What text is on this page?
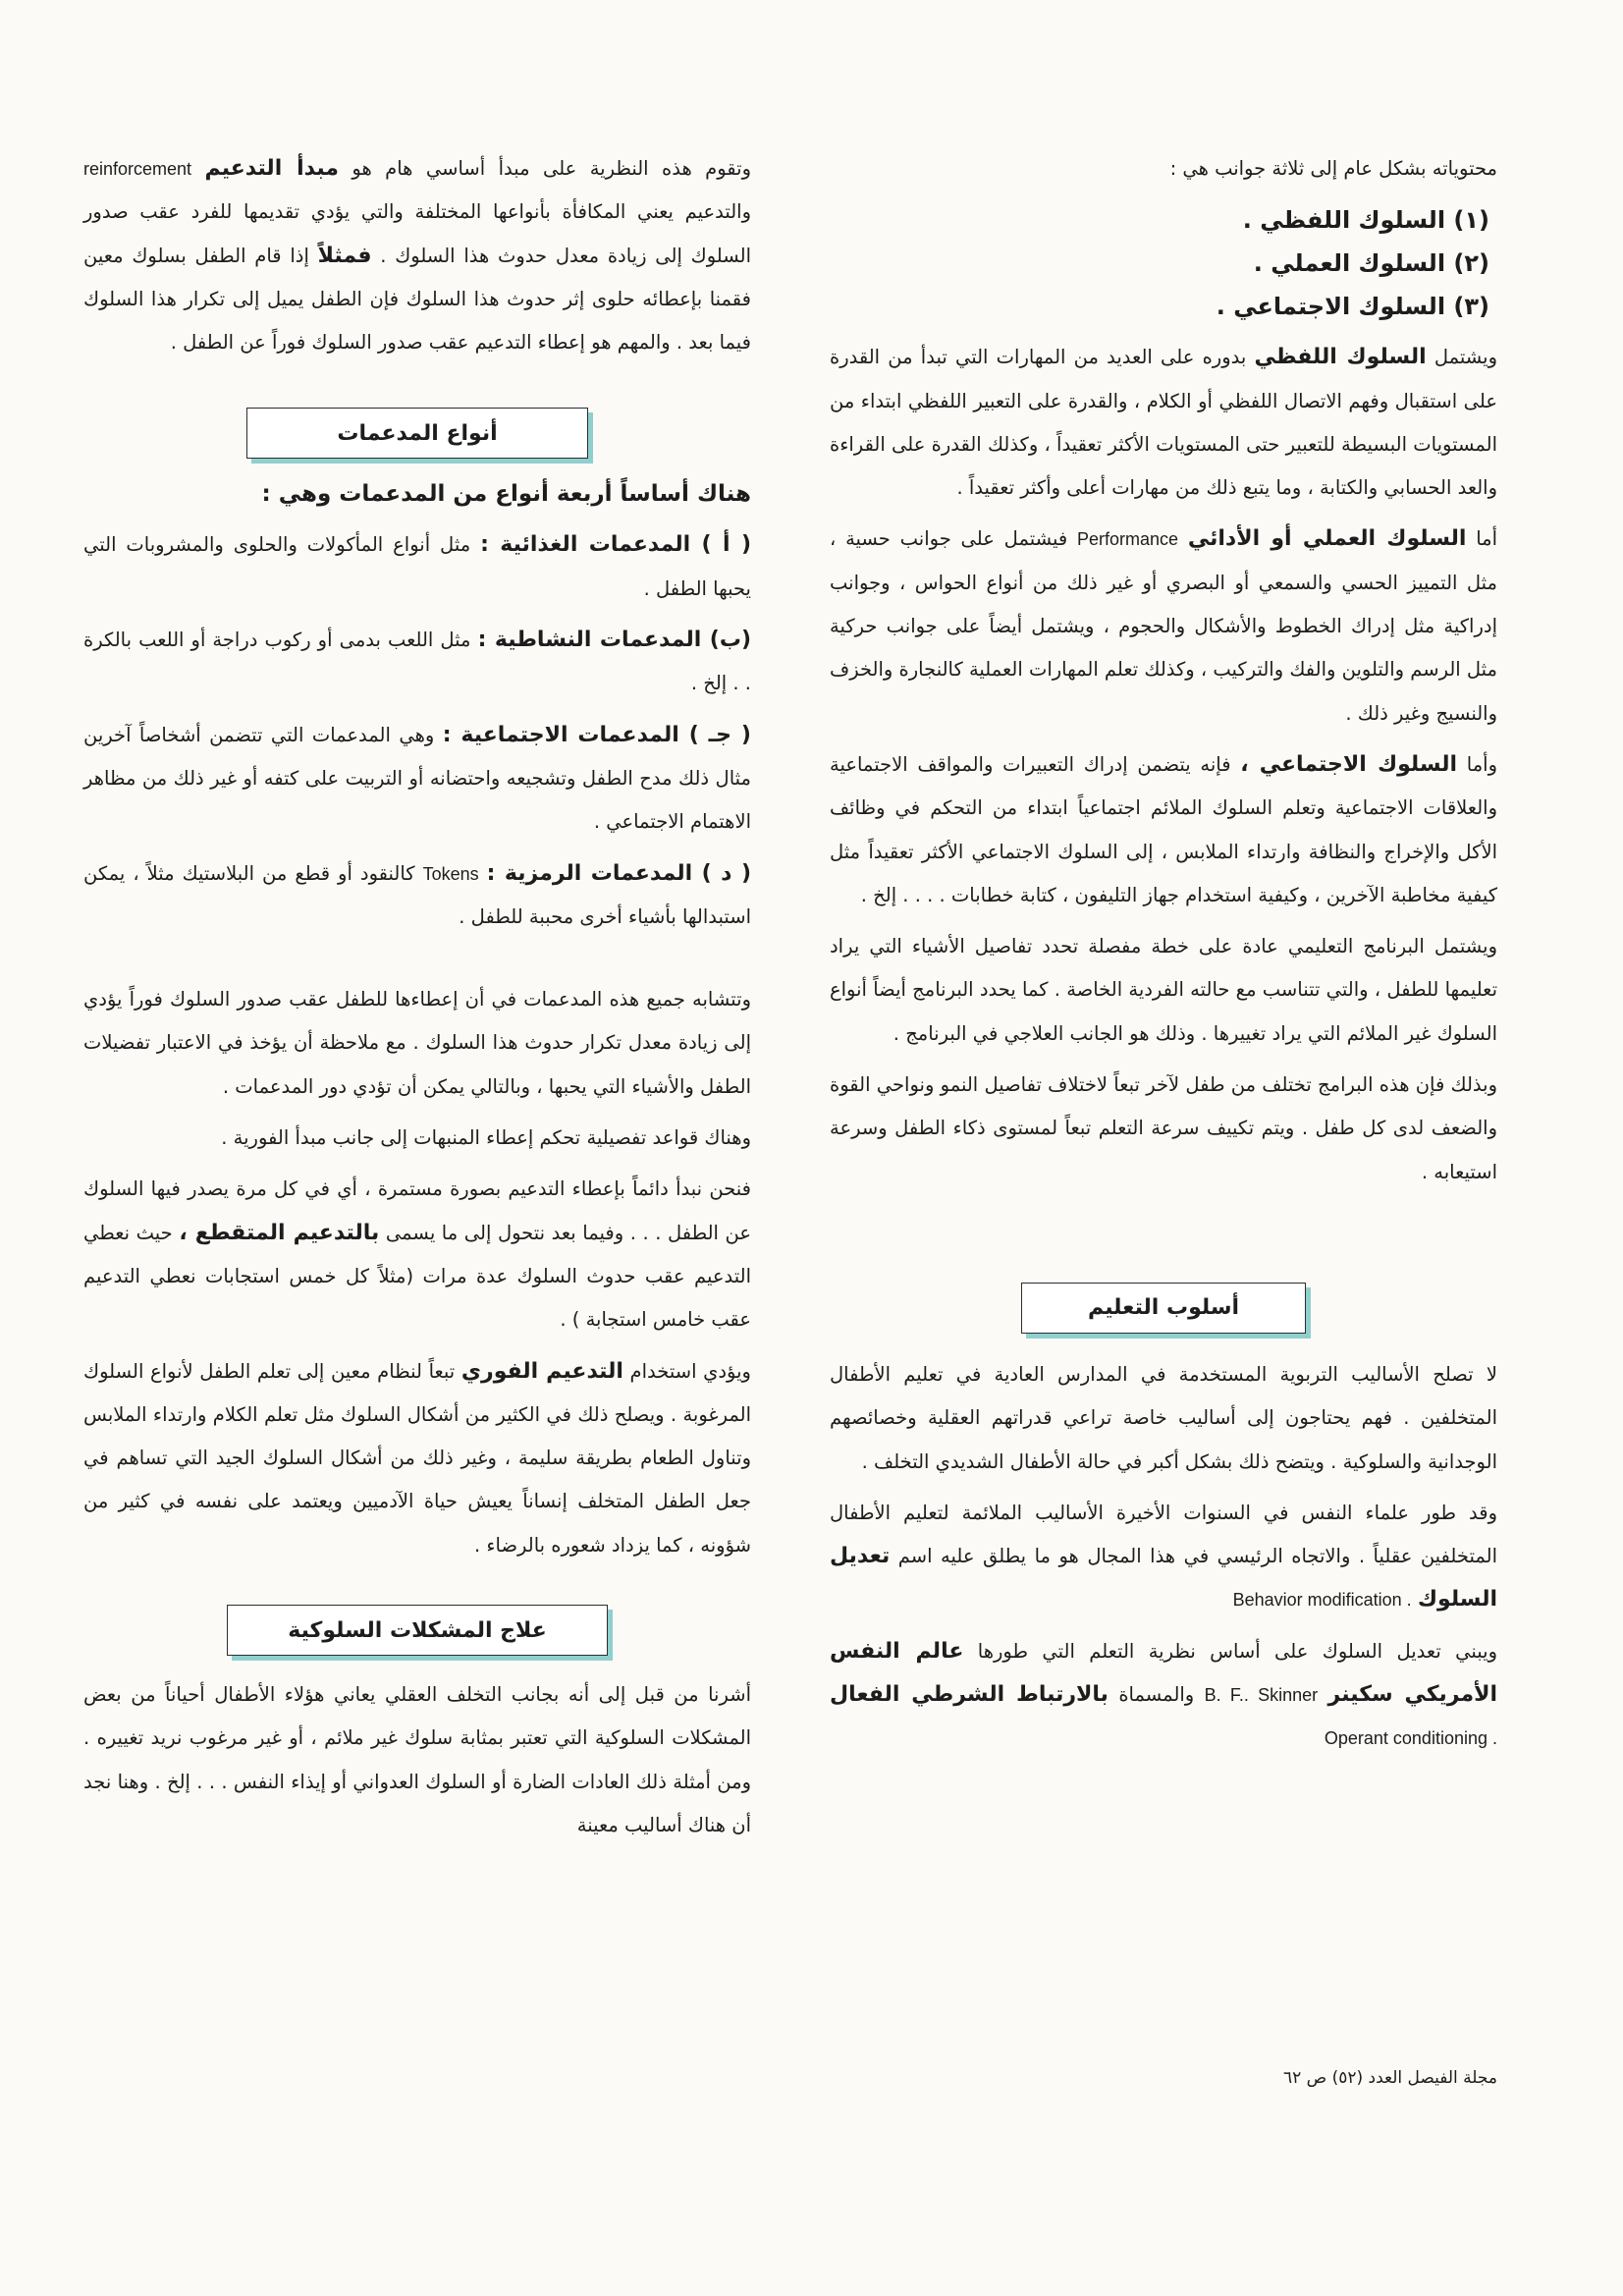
محتوياته بشكل عام إلى ثلاثة جوانب هي :

(١) السلوك اللفظي .
(٢) السلوك العملي .
(٣) السلوك الاجتماعي .

ويشتمل السلوك اللفظي بدوره على العديد من المهارات التي تبدأ من القدرة على استقبال وفهم الاتصال اللفظي أو الكلام ، والقدرة على التعبير اللفظي ابتداء من المستويات البسيطة للتعبير حتى المستويات الأكثر تعقيداً ، وكذلك القدرة على القراءة والعد الحسابي والكتابة ، وما يتبع ذلك من مهارات أعلى وأكثر تعقيداً .

أما السلوك العملي أو الأدائي Performance فيشتمل على جوانب حسية ، مثل التمييز الحسي والسمعي أو البصري أو غير ذلك من أنواع الحواس ، وجوانب إدراكية مثل إدراك الخطوط والأشكال والحجوم ، ويشتمل أيضاً على جوانب حركية مثل الرسم والتلوين والفك والتركيب ، وكذلك تعلم المهارات العملية كالنجارة والخزف والنسيج وغير ذلك .

وأما السلوك الاجتماعي ، فإنه يتضمن إدراك التعبيرات والمواقف الاجتماعية والعلاقات الاجتماعية وتعلم السلوك الملائم اجتماعياً ابتداء من التحكم في وظائف الأكل والإخراج والنظافة وارتداء الملابس ، إلى السلوك الاجتماعي الأكثر تعقيداً مثل كيفية مخاطبة الآخرين ، وكيفية استخدام جهاز التليفون ، كتابة خطابات . . . . إلخ .

ويشتمل البرنامج التعليمي عادة على خطة مفصلة تحدد تفاصيل الأشياء التي يراد تعليمها للطفل ، والتي تتناسب مع حالته الفردية الخاصة . كما يحدد البرنامج أيضاً أنواع السلوك غير الملائم التي يراد تغييرها . وذلك هو الجانب العلاجي في البرنامج .

وبذلك فإن هذه البرامج تختلف من طفل لآخر تبعاً لاختلاف تفاصيل النمو ونواحي القوة والضعف لدى كل طفل . ويتم تكييف سرعة التعلم تبعاً لمستوى ذكاء الطفل وسرعة استيعابه .

أسلوب التعليم

لا تصلح الأساليب التربوية المستخدمة في المدارس العادية في تعليم الأطفال المتخلفين . فهم يحتاجون إلى أساليب خاصة تراعي قدراتهم العقلية وخصائصهم الوجدانية والسلوكية . ويتضح ذلك بشكل أكبر في حالة الأطفال الشديدي التخلف .

وقد طور علماء النفس في السنوات الأخيرة الأساليب الملائمة لتعليم الأطفال المتخلفين عقلياً . والاتجاه الرئيسي في هذا المجال هو ما يطلق عليه اسم تعديل السلوك Behavior modification .

ويبني تعديل السلوك على أساس نظرية التعلم التي طورها عالم النفس الأمريكي سكينر B. F.. Skinner والمسماة بالارتباط الشرطي الفعال Operant conditioning .

وتقوم هذه النظرية على مبدأ أساسي هام هو مبدأ التدعيم reinforcement والتدعيم يعني المكافأة بأنواعها المختلفة والتي يؤدي تقديمها للفرد عقب صدور السلوك إلى زيادة معدل حدوث هذا السلوك . فمثلاً إذا قام الطفل بسلوك معين فقمنا بإعطائه حلوى إثر حدوث هذا السلوك فإن الطفل يميل إلى تكرار هذا السلوك فيما بعد . والمهم هو إعطاء التدعيم عقب صدور السلوك فوراً عن الطفل .

أنواع المدعمات
هناك أساساً أربعة أنواع من المدعمات وهي :

( أ ) المدعمات الغذائية : مثل أنواع المأكولات والحلوى والمشروبات التي يحبها الطفل .

(ب) المدعمات النشاطية : مثل اللعب بدمى أو ركوب دراجة أو اللعب بالكرة . . إلخ .

( جـ ) المدعمات الاجتماعية : وهي المدعمات التي تتضمن أشخاصاً آخرين مثال ذلك مدح الطفل وتشجيعه واحتضانه أو التربيت على كتفه أو غير ذلك من مظاهر الاهتمام الاجتماعي .

( د ) المدعمات الرمزية : Tokens كالنقود أو قطع من البلاستيك مثلاً ، يمكن استبدالها بأشياء أخرى محببة للطفل .

وتتشابه جميع هذه المدعمات في أن إعطاءها للطفل عقب صدور السلوك فوراً يؤدي إلى زيادة معدل تكرار حدوث هذا السلوك . مع ملاحظة أن يؤخذ في الاعتبار تفضيلات الطفل والأشياء التي يحبها ، وبالتالي يمكن أن تؤدي دور المدعمات .

وهناك قواعد تفصيلية تحكم إعطاء المنبهات إلى جانب مبدأ الفورية .

فنحن نبدأ دائماً بإعطاء التدعيم بصورة مستمرة ، أي في كل مرة يصدر فيها السلوك عن الطفل . . . وفيما بعد نتحول إلى ما يسمى بالتدعيم المتقطع ، حيث نعطي التدعيم عقب حدوث السلوك عدة مرات (مثلاً كل خمس استجابات نعطي التدعيم عقب خامس استجابة ) .

ويؤدي استخدام التدعيم الفوري تبعاً لنظام معين إلى تعلم الطفل لأنواع السلوك المرغوبة . ويصلح ذلك في الكثير من أشكال السلوك مثل تعلم الكلام وارتداء الملابس وتناول الطعام بطريقة سليمة ، وغير ذلك من أشكال السلوك الجيد التي تساهم في جعل الطفل المتخلف إنساناً يعيش حياة الآدميين ويعتمد على نفسه في كثير من شؤونه ، كما يزداد شعوره بالرضاء .

علاج المشكلات السلوكية

أشرنا من قبل إلى أنه بجانب التخلف العقلي يعاني هؤلاء الأطفال أحياناً من بعض المشكلات السلوكية التي تعتبر بمثابة سلوك غير ملائم ، أو غير مرغوب نريد تغييره . ومن أمثلة ذلك العادات الضارة أو السلوك العدواني أو إيذاء النفس . . . إلخ . وهنا نجد أن هناك أساليب معينة

مجلة الفيصل العدد (٥٢) ص ٦٢
